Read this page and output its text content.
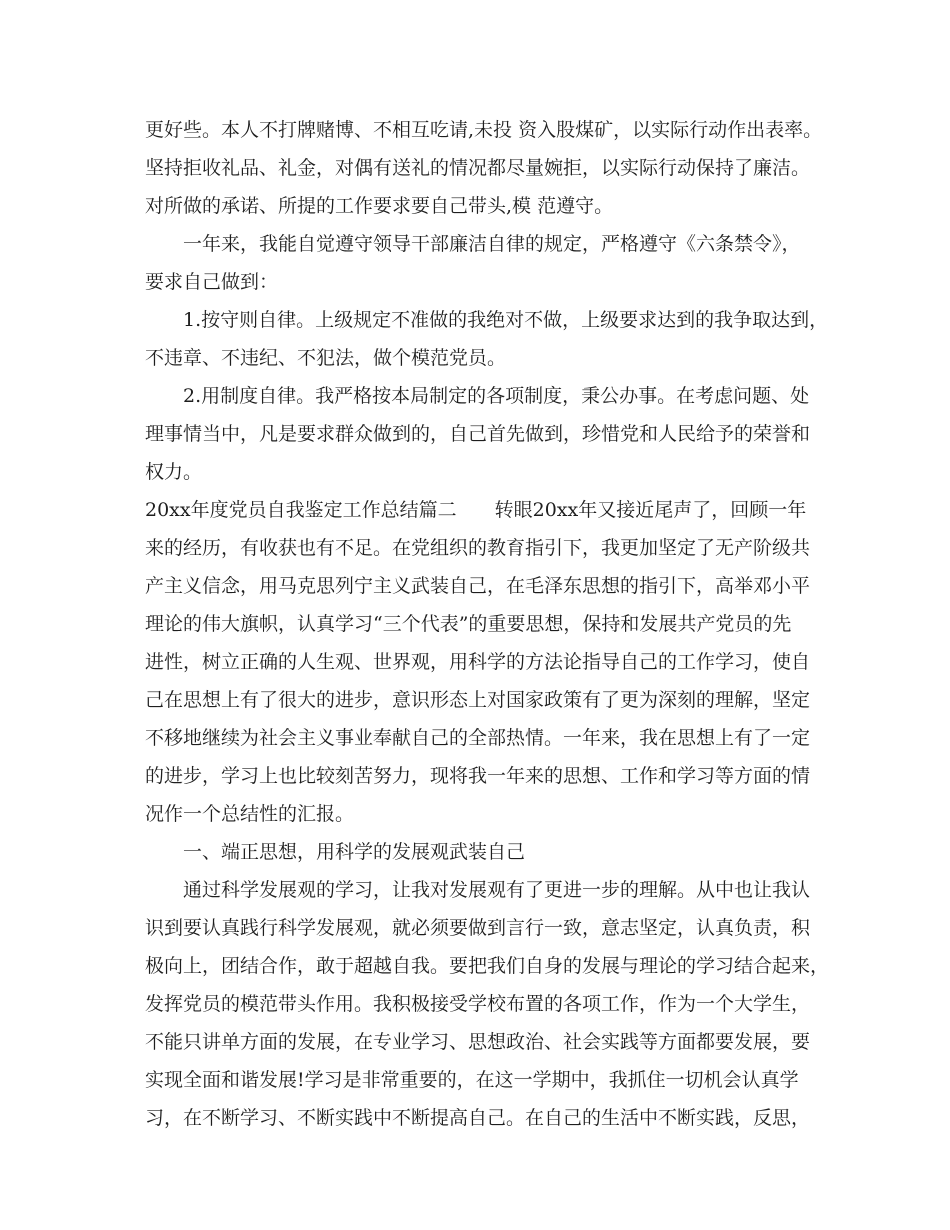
更好些。本人不打牌赌博、不相互吃请,未投 资入股煤矿，以实际行动作出表率。
坚持拒收礼品、礼金，对偶有送礼的情况都尽量婉拒，以实际行动保持了廉洁。
对所做的承诺、所提的工作要求要自己带头,模 范遵守。
一年来，我能自觉遵守领导干部廉洁自律的规定，严格遵守《六条禁令》，
要求自己做到：
1.按守则自律。上级规定不准做的我绝对不做，上级要求达到的我争取达到，
不违章、不违纪、不犯法，做个模范党员。
2.用制度自律。我严格按本局制定的各项制度，秉公办事。在考虑问题、处
理事情当中，凡是要求群众做到的，自己首先做到，珍惜党和人民给予的荣誉和
权力。
20xx年度党员自我鉴定工作总结篇二　　转眼20xx年又接近尾声了，回顾一年
来的经历，有收获也有不足。在党组织的教育指引下，我更加坚定了无产阶级共
产主义信念，用马克思列宁主义武装自己，在毛泽东思想的指引下，高举邓小平
理论的伟大旗帜，认真学习“三个代表”的重要思想，保持和发展共产党员的先
进性，树立正确的人生观、世界观，用科学的方法论指导自己的工作学习，使自
己在思想上有了很大的进步，意识形态上对国家政策有了更为深刻的理解，坚定
不移地继续为社会主义事业奉献自己的全部热情。一年来，我在思想上有了一定
的进步，学习上也比较刻苦努力，现将我一年来的思想、工作和学习等方面的情
况作一个总结性的汇报。
一、端正思想，用科学的发展观武装自己
通过科学发展观的学习，让我对发展观有了更进一步的理解。从中也让我认
识到要认真践行科学发展观，就必须要做到言行一致，意志坚定，认真负责，积
极向上，团结合作，敢于超越自我。要把我们自身的发展与理论的学习结合起来，
发挥党员的模范带头作用。我积极接受学校布置的各项工作，作为一个大学生，
不能只讲单方面的发展，在专业学习、思想政治、社会实践等方面都要发展，要
实现全面和谐发展!学习是非常重要的，在这一学期中，我抓住一切机会认真学
习，在不断学习、不断实践中不断提高自己。在自己的生活中不断实践，反思，
